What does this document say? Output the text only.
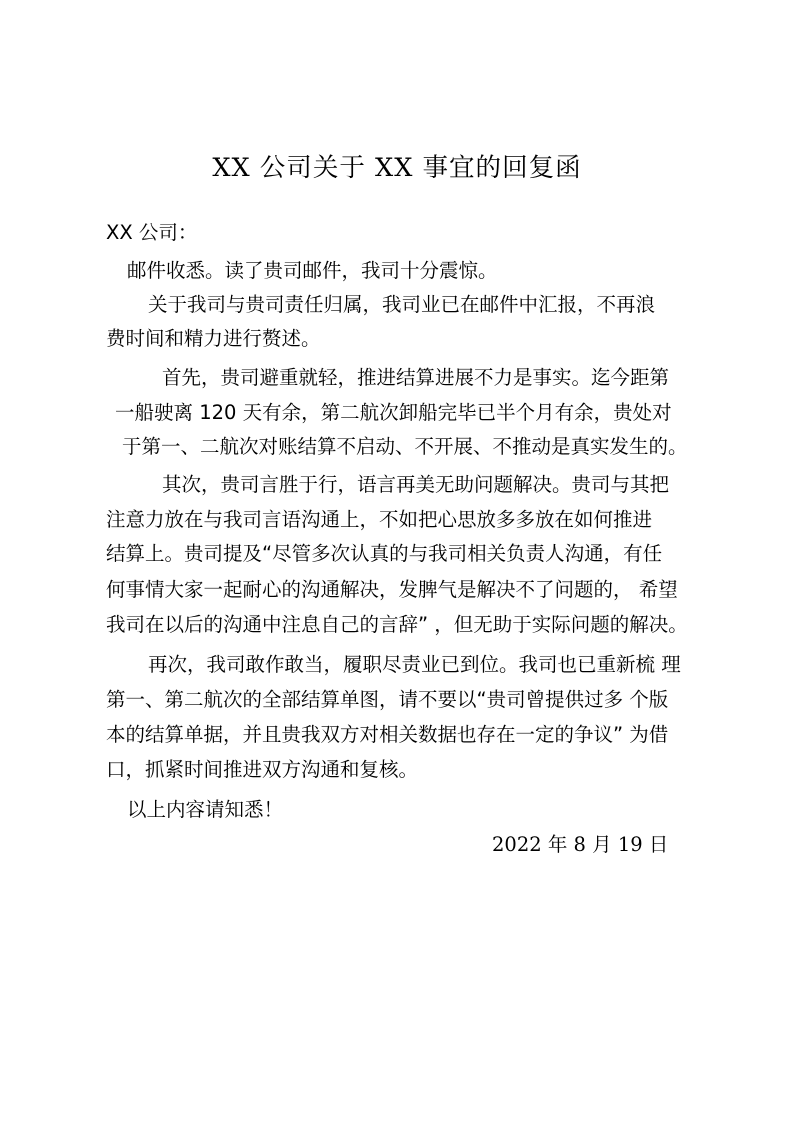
XX 公司关于 XX 事宜的回复函
XX 公司：
邮件收悉。读了贵司邮件，我司十分震惊。
关于我司与贵司责任归属，我司业已在邮件中汇报，不再浪
费时间和精力进行赘述。
首先，贵司避重就轻，推进结算进展不力是事实。迄今距第
一船驶离 120 天有余，第二航次卸船完毕已半个月有余，贵处对
于第一、二航次对账结算不启动、不开展、不推动是真实发生的。
其次，贵司言胜于行，语言再美无助问题解决。贵司与其把
注意力放在与我司言语沟通上，不如把心思放多多放在如何推进
结算上。贵司提及“尽管多次认真的与我司相关负责人沟通，有任
何事情大家一起耐心的沟通解决，发脾气是解决不了问题的， 希望
我司在以后的沟通中注息自己的言辞” ，但无助于实际问题的解决。
再次，我司敢作敢当，履职尽责业已到位。我司也已重新梳 理
第一、第二航次的全部结算单图，请不要以“贵司曾提供过多 个版
本的结算单据，并且贵我双方对相关数据也存在一定的争议” 为借
口，抓紧时间推进双方沟通和复核。
以上内容请知悉！
2022 年 8 月 19 日
